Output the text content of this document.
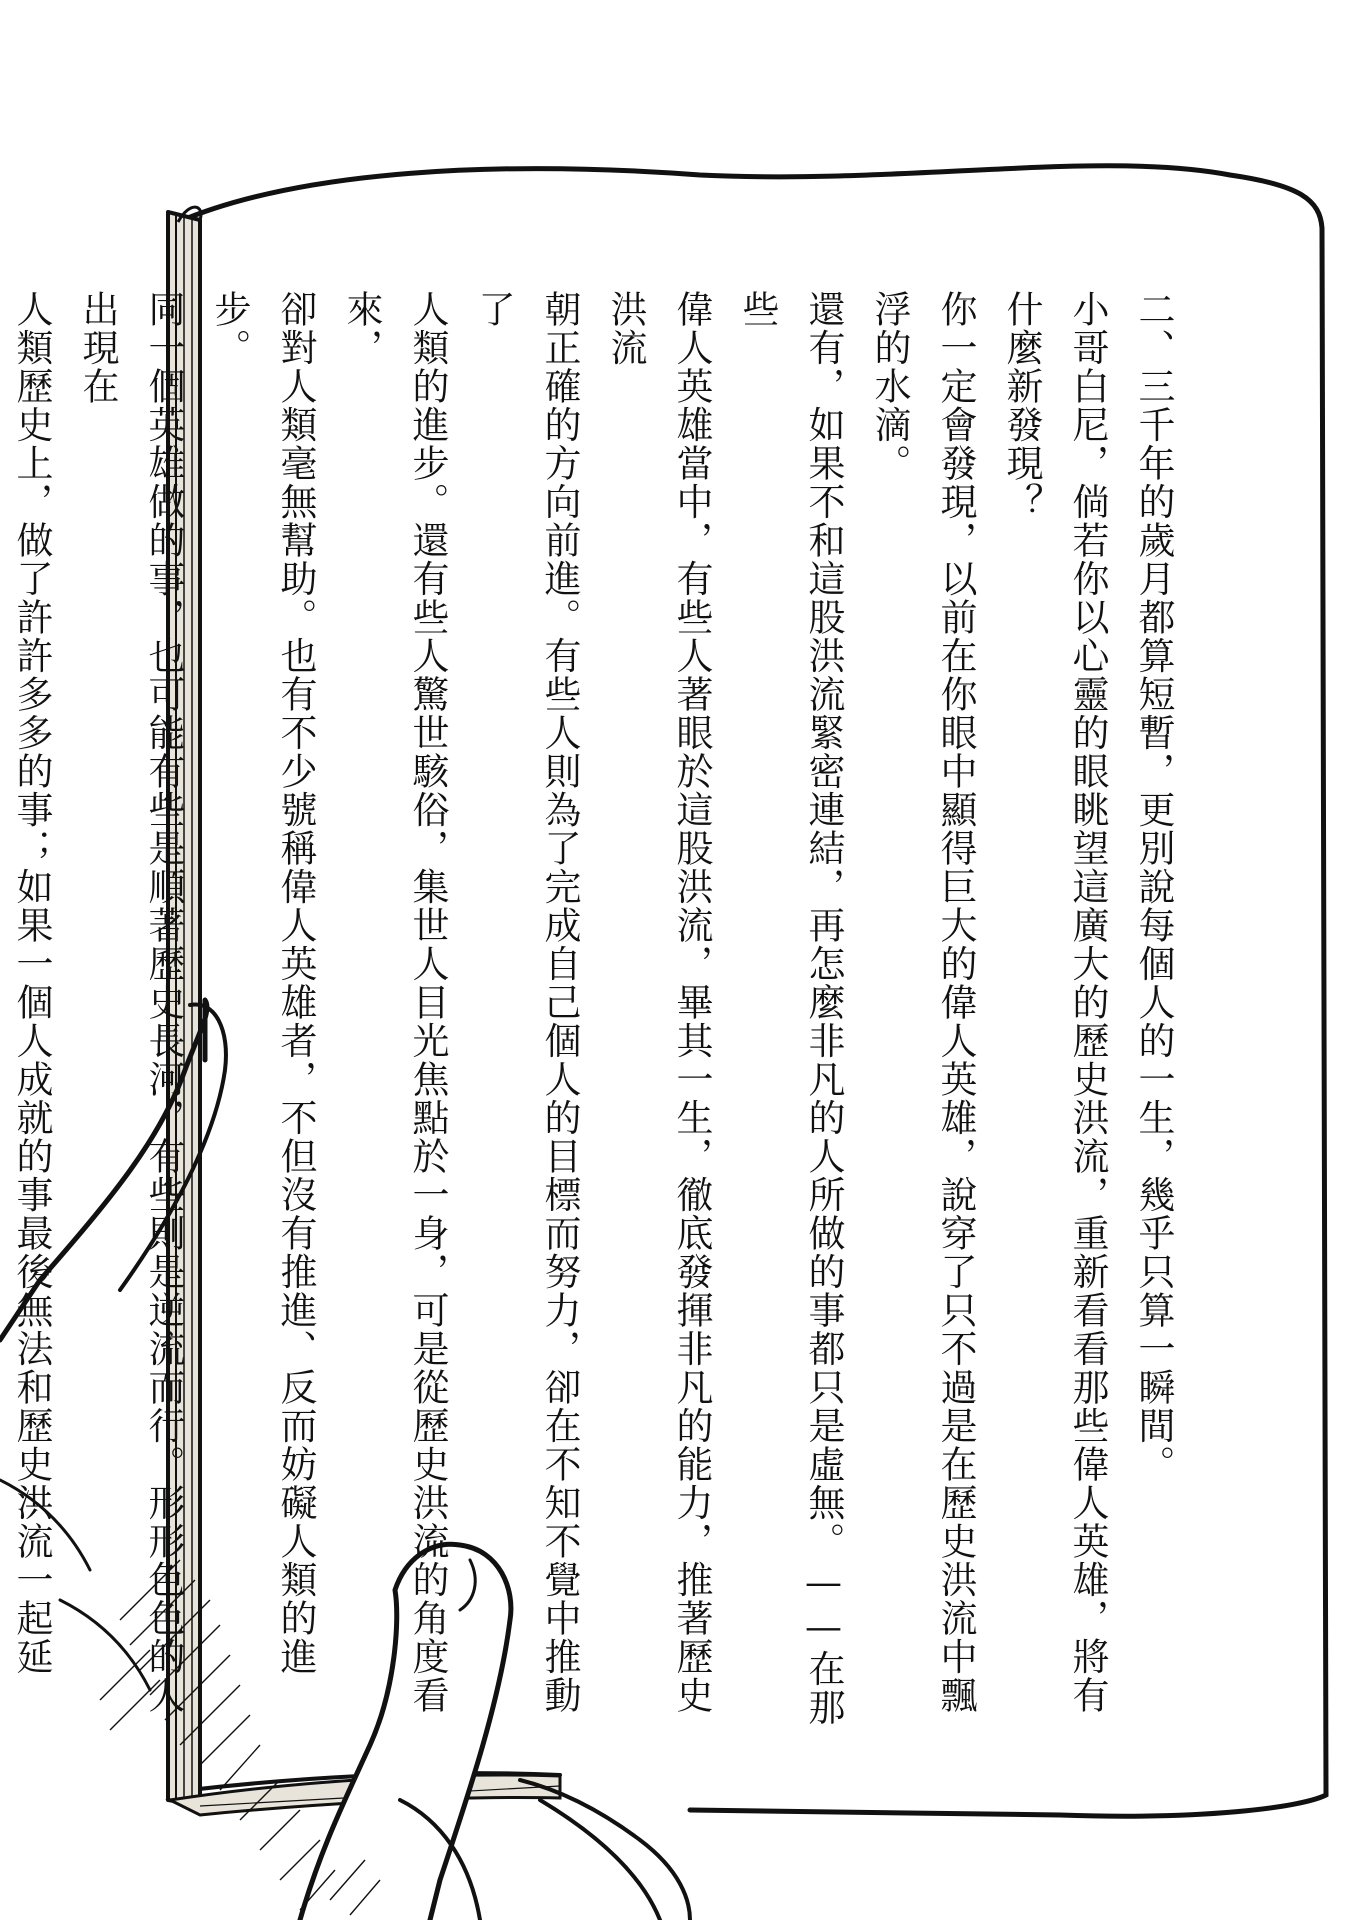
二、三千年的歲月都算短暫，更別說每個人的一生，幾乎只算一瞬間。

小哥白尼，倘若你以心靈的眼眺望這廣大的歷史洪流，重新看看那些偉人英雄，將有什麼新發現？

你一定會發現，以前在你眼中顯得巨大的偉人英雄，說穿了只不過是在歷史洪流中飄浮的水滴。

還有，如果不和這股洪流緊密連結，再怎麼非凡的人所做的事都只是虛無。——在那些

偉人英雄當中，有些人著眼於這股洪流，畢其一生，徹底發揮非凡的能力，推著歷史洪流

朝正確的方向前進。有些人則為了完成自己個人的目標而努力，卻在不知不覺中推動了

人類的進步。還有些人驚世駭俗，集世人目光焦點於一身，可是從歷史洪流的角度看來，

卻對人類毫無幫助。也有不少號稱偉人英雄者，不但沒有推進、反而妨礙人類的進步。

同一個英雄做的事，也可能有些是順著歷史長河，有些則是逆流而行。形形色色的人出現在

人類歷史上，做了許許多多的事；如果一個人成就的事最後無法和歷史洪流一起延
